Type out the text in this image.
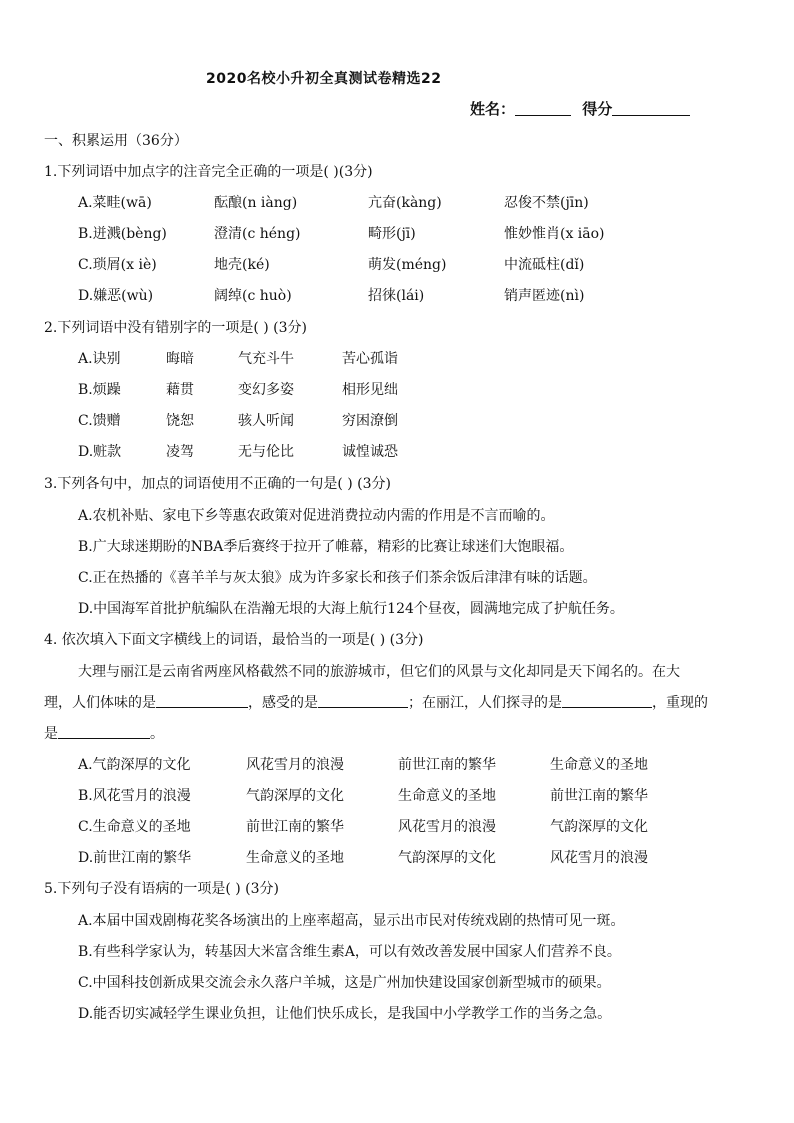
2020名校小升初全真测试卷精选22
姓名：	得分
一、积累运用（36分）
1.下列词语中加点字的注音完全正确的一项是( )(3分)
A.菜畦(wā)	酝酿(n iàng)	亢奋(kàng)	忍俊不禁(jīn)
B.迸溅(bèng)	澄清(c héng)	畸形(jī)	惟妙惟肖(x iāo)
C.琐屑(x iè)	地壳(ké)	萌发(méng)	中流砥柱(dǐ)
D.嫌恶(wù)	阔绰(c huò)	招徕(lái)	销声匿迹(nì)
2.下列词语中没有错别字的一项是( ) (3分)
A.诀别	晦暗	气充斗牛	苦心孤诣
B.烦躁	藉贯	变幻多姿	相形见绌
C.馈赠	饶恕	骇人听闻	穷困潦倒
D.赃款	凌驾	无与伦比	诚惶诚恐
3.下列各句中，加点的词语使用不正确的一句是( ) (3分)
A.农机补贴、家电下乡等惠农政策对促进消费拉动内需的作用是不言而喻的。
B.广大球迷期盼的NBA季后赛终于拉开了帷幕，精彩的比赛让球迷们大饱眼福。
C.正在热播的《喜羊羊与灰太狼》成为许多家长和孩子们茶余饭后津津有味的话题。
D.中国海军首批护航编队在浩瀚无垠的大海上航行124个昼夜，圆满地完成了护航任务。
4. 依次填入下面文字横线上的词语，最恰当的一项是( ) (3分)
大理与丽江是云南省两座风格截然不同的旅游城市，但它们的风景与文化却同是天下闻名的。在大
理，人们体味的是	，感受的是	；在丽江，人们探寻的是	，重现的
是	。
A.气韵深厚的文化	风花雪月的浪漫	前世江南的繁华	生命意义的圣地
B.风花雪月的浪漫	气韵深厚的文化	生命意义的圣地	前世江南的繁华
C.生命意义的圣地	前世江南的繁华	风花雪月的浪漫	气韵深厚的文化
D.前世江南的繁华	生命意义的圣地	气韵深厚的文化	风花雪月的浪漫
5.下列句子没有语病的一项是( ) (3分)
A.本届中国戏剧梅花奖各场演出的上座率超高，显示出市民对传统戏剧的热情可见一斑。
B.有些科学家认为，转基因大米富含维生素A，可以有效改善发展中国家人们营养不良。
C.中国科技创新成果交流会永久落户羊城，这是广州加快建设国家创新型城市的硕果。
D.能否切实减轻学生课业负担，让他们快乐成长，是我国中小学教学工作的当务之急。
